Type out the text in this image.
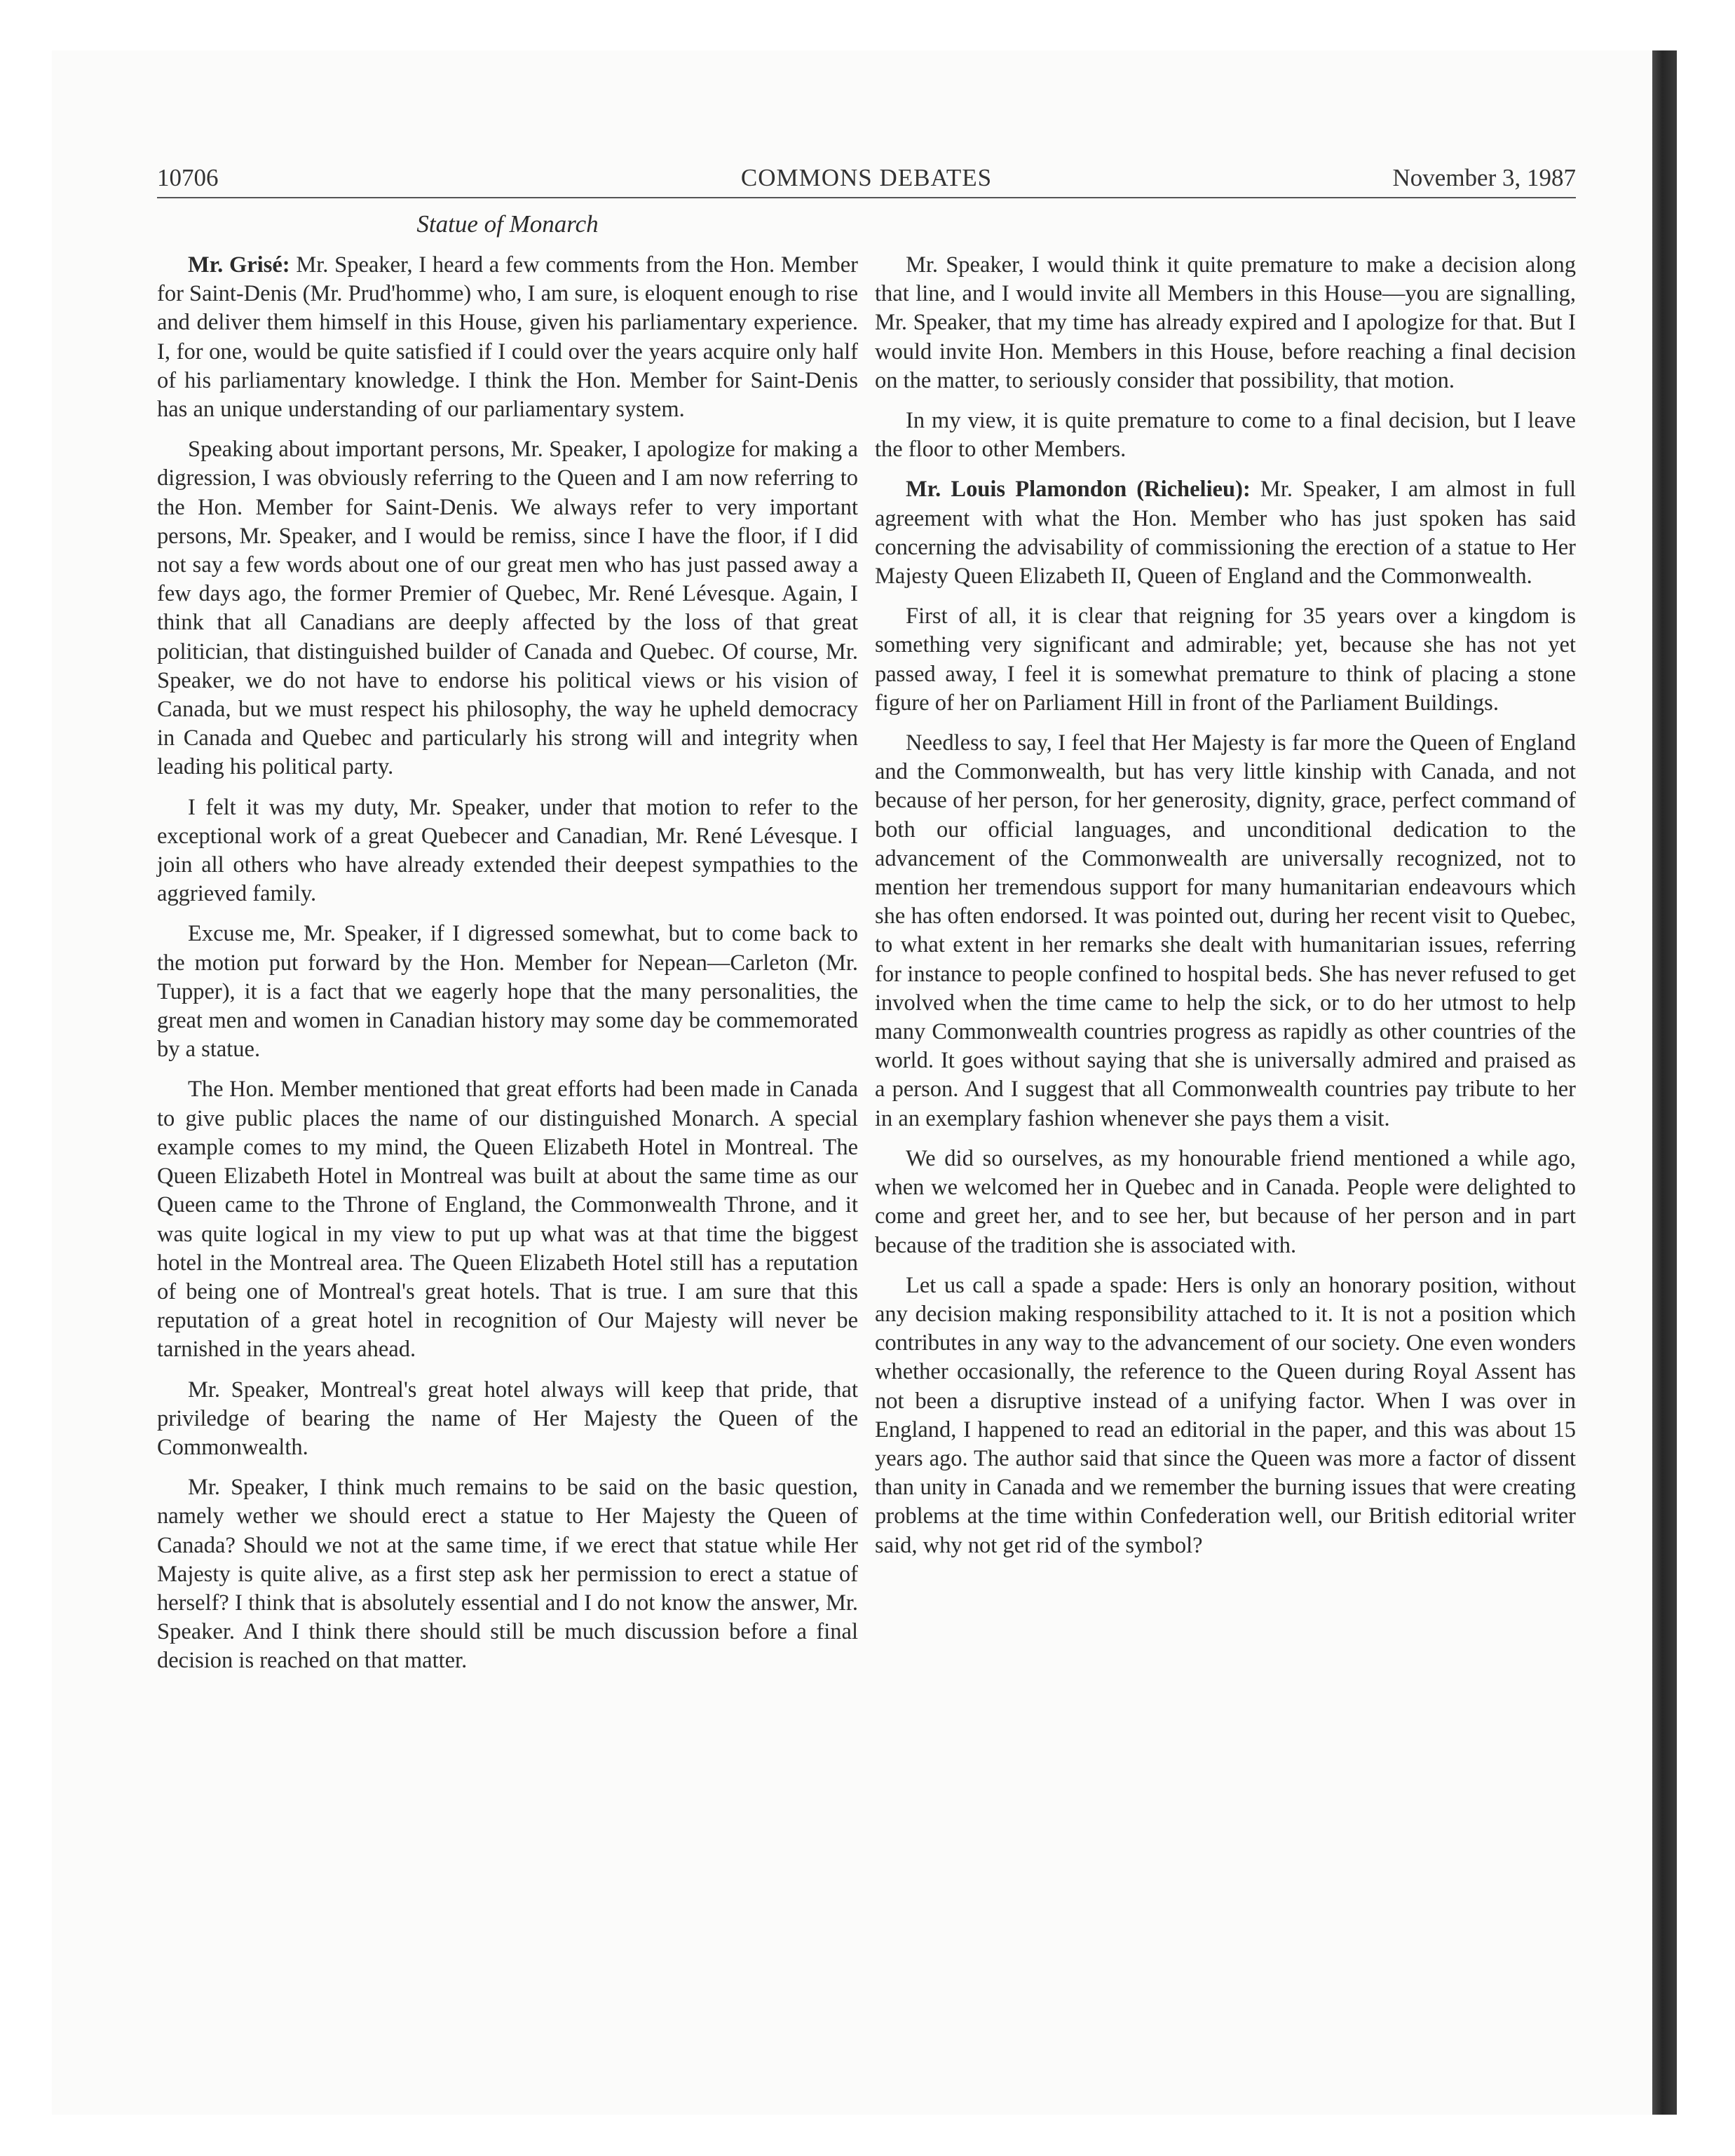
10706	COMMONS DEBATES	November 3, 1987
Statue of Monarch

Mr. Grisé: Mr. Speaker, I heard a few comments from the Hon. Member for Saint-Denis (Mr. Prud'homme) who, I am sure, is eloquent enough to rise and deliver them himself in this House, given his parliamentary experience. I, for one, would be quite satisfied if I could over the years acquire only half of his parliamentary knowledge. I think the Hon. Member for Saint-Denis has an unique understanding of our parliamentary system.

Speaking about important persons, Mr. Speaker, I apologize for making a digression, I was obviously referring to the Queen and I am now referring to the Hon. Member for Saint-Denis. We always refer to very important persons, Mr. Speaker, and I would be remiss, since I have the floor, if I did not say a few words about one of our great men who has just passed away a few days ago, the former Premier of Quebec, Mr. René Lévesque. Again, I think that all Canadians are deeply affected by the loss of that great politician, that distinguished builder of Canada and Quebec. Of course, Mr. Speaker, we do not have to endorse his political views or his vision of Canada, but we must respect his philosophy, the way he upheld democracy in Canada and Quebec and particularly his strong will and integrity when leading his political party.

I felt it was my duty, Mr. Speaker, under that motion to refer to the exceptional work of a great Quebecer and Canadian, Mr. René Lévesque. I join all others who have already extended their deepest sympathies to the aggrieved family.

Excuse me, Mr. Speaker, if I digressed somewhat, but to come back to the motion put forward by the Hon. Member for Nepean—Carleton (Mr. Tupper), it is a fact that we eagerly hope that the many personalities, the great men and women in Canadian history may some day be commemorated by a statue.

The Hon. Member mentioned that great efforts had been made in Canada to give public places the name of our distinguished Monarch. A special example comes to my mind, the Queen Elizabeth Hotel in Montreal. The Queen Elizabeth Hotel in Montreal was built at about the same time as our Queen came to the Throne of England, the Commonwealth Throne, and it was quite logical in my view to put up what was at that time the biggest hotel in the Montreal area. The Queen Elizabeth Hotel still has a reputation of being one of Montreal's great hotels. That is true. I am sure that this reputation of a great hotel in recognition of Our Majesty will never be tarnished in the years ahead.

Mr. Speaker, Montreal's great hotel always will keep that pride, that priviledge of bearing the name of Her Majesty the Queen of the Commonwealth.

Mr. Speaker, I think much remains to be said on the basic question, namely wether we should erect a statue to Her Majesty the Queen of Canada? Should we not at the same time, if we erect that statue while Her Majesty is quite alive, as a first step ask her permission to erect a statue of herself? I think that is absolutely essential and I do not know the answer, Mr. Speaker. And I think there should still be much discussion before a final decision is reached on that matter.

Mr. Speaker, I would think it quite premature to make a decision along that line, and I would invite all Members in this House—you are signalling, Mr. Speaker, that my time has already expired and I apologize for that. But I would invite Hon. Members in this House, before reaching a final decision on the matter, to seriously consider that possibility, that motion.

In my view, it is quite premature to come to a final decision, but I leave the floor to other Members.

Mr. Louis Plamondon (Richelieu): Mr. Speaker, I am almost in full agreement with what the Hon. Member who has just spoken has said concerning the advisability of commissioning the erection of a statue to Her Majesty Queen Elizabeth II, Queen of England and the Commonwealth.

First of all, it is clear that reigning for 35 years over a kingdom is something very significant and admirable; yet, because she has not yet passed away, I feel it is somewhat premature to think of placing a stone figure of her on Parliament Hill in front of the Parliament Buildings.

Needless to say, I feel that Her Majesty is far more the Queen of England and the Commonwealth, but has very little kinship with Canada, and not because of her person, for her generosity, dignity, grace, perfect command of both our official languages, and unconditional dedication to the advancement of the Commonwealth are universally recognized, not to mention her tremendous support for many humanitarian endeavours which she has often endorsed. It was pointed out, during her recent visit to Quebec, to what extent in her remarks she dealt with humanitarian issues, referring for instance to people confined to hospital beds. She has never refused to get involved when the time came to help the sick, or to do her utmost to help many Commonwealth countries progress as rapidly as other countries of the world. It goes without saying that she is universally admired and praised as a person. And I suggest that all Commonwealth countries pay tribute to her in an exemplary fashion whenever she pays them a visit.

We did so ourselves, as my honourable friend mentioned a while ago, when we welcomed her in Quebec and in Canada. People were delighted to come and greet her, and to see her, but because of her person and in part because of the tradition she is associated with.

Let us call a spade a spade: Hers is only an honorary position, without any decision making responsibility attached to it. It is not a position which contributes in any way to the advancement of our society. One even wonders whether occasionally, the reference to the Queen during Royal Assent has not been a disruptive instead of a unifying factor. When I was over in England, I happened to read an editorial in the paper, and this was about 15 years ago. The author said that since the Queen was more a factor of dissent than unity in Canada and we remember the burning issues that were creating problems at the time within Confederation well, our British editorial writer said, why not get rid of the symbol?
